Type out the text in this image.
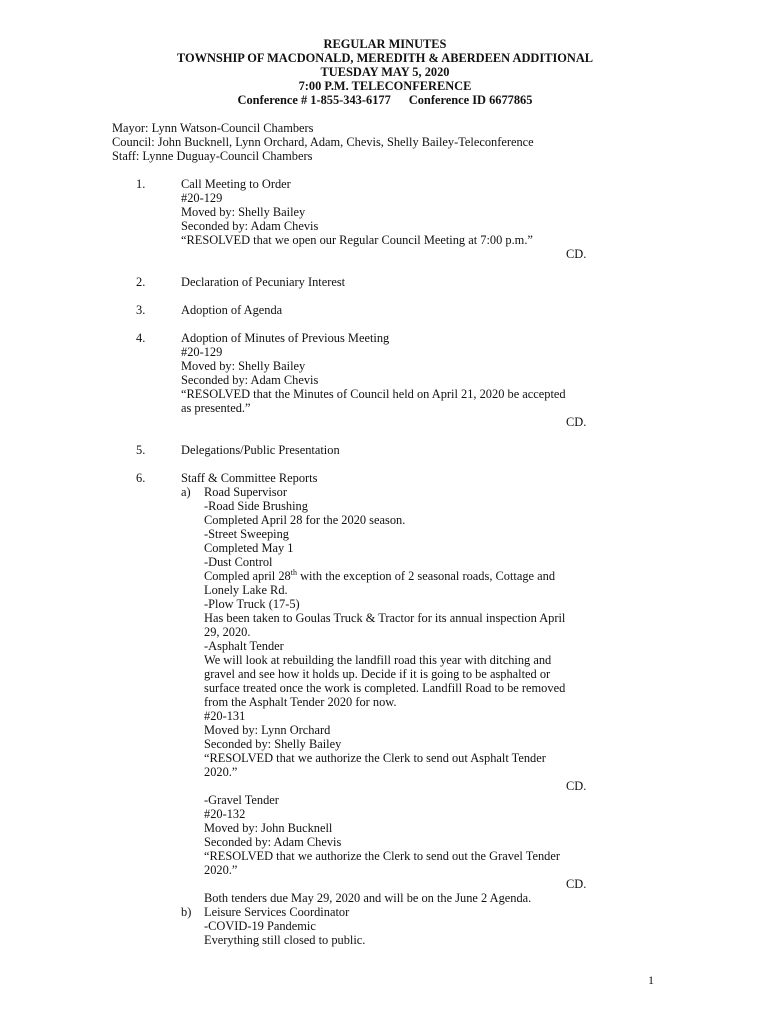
REGULAR MINUTES
TOWNSHIP OF MACDONALD, MEREDITH & ABERDEEN ADDITIONAL
TUESDAY MAY 5, 2020
7:00 P.M. TELECONFERENCE
Conference # 1-855-343-6177 Conference ID 6677865
Mayor: Lynn Watson-Council Chambers
Council: John Bucknell, Lynn Orchard, Adam, Chevis, Shelly Bailey-Teleconference
Staff: Lynne Duguay-Council Chambers
1.	Call Meeting to Order
#20-129
Moved by: Shelly Bailey
Seconded by: Adam Chevis
“RESOLVED that we open our Regular Council Meeting at 7:00 p.m.”
CD.
2.	Declaration of Pecuniary Interest
3.	Adoption of Agenda
4.	Adoption of Minutes of Previous Meeting
#20-129
Moved by: Shelly Bailey
Seconded by: Adam Chevis
“RESOLVED that the Minutes of Council held on April 21, 2020 be accepted
as presented.”
CD.
5.	Delegations/Public Presentation
6.	Staff & Committee Reports
a) Road Supervisor
-Road Side Brushing
Completed April 28 for the 2020 season.
-Street Sweeping
Completed May 1
-Dust Control
Compled april 28th with the exception of 2 seasonal roads, Cottage and
Lonely Lake Rd.
-Plow Truck (17-5)
Has been taken to Goulas Truck & Tractor for its annual inspection April
29, 2020.
-Asphalt Tender
We will look at rebuilding the landfill road this year with ditching and
gravel and see how it holds up. Decide if it is going to be asphalted or
surface treated once the work is completed. Landfill Road to be removed
from the Asphalt Tender 2020 for now.
#20-131
Moved by: Lynn Orchard
Seconded by: Shelly Bailey
“RESOLVED that we authorize the Clerk to send out Asphalt Tender
2020.”
CD.
-Gravel Tender
#20-132
Moved by: John Bucknell
Seconded by: Adam Chevis
“RESOLVED that we authorize the Clerk to send out the Gravel Tender
2020.”
CD.
Both tenders due May 29, 2020 and will be on the June 2 Agenda.
b) Leisure Services Coordinator
-COVID-19 Pandemic
Everything still closed to public.
1
